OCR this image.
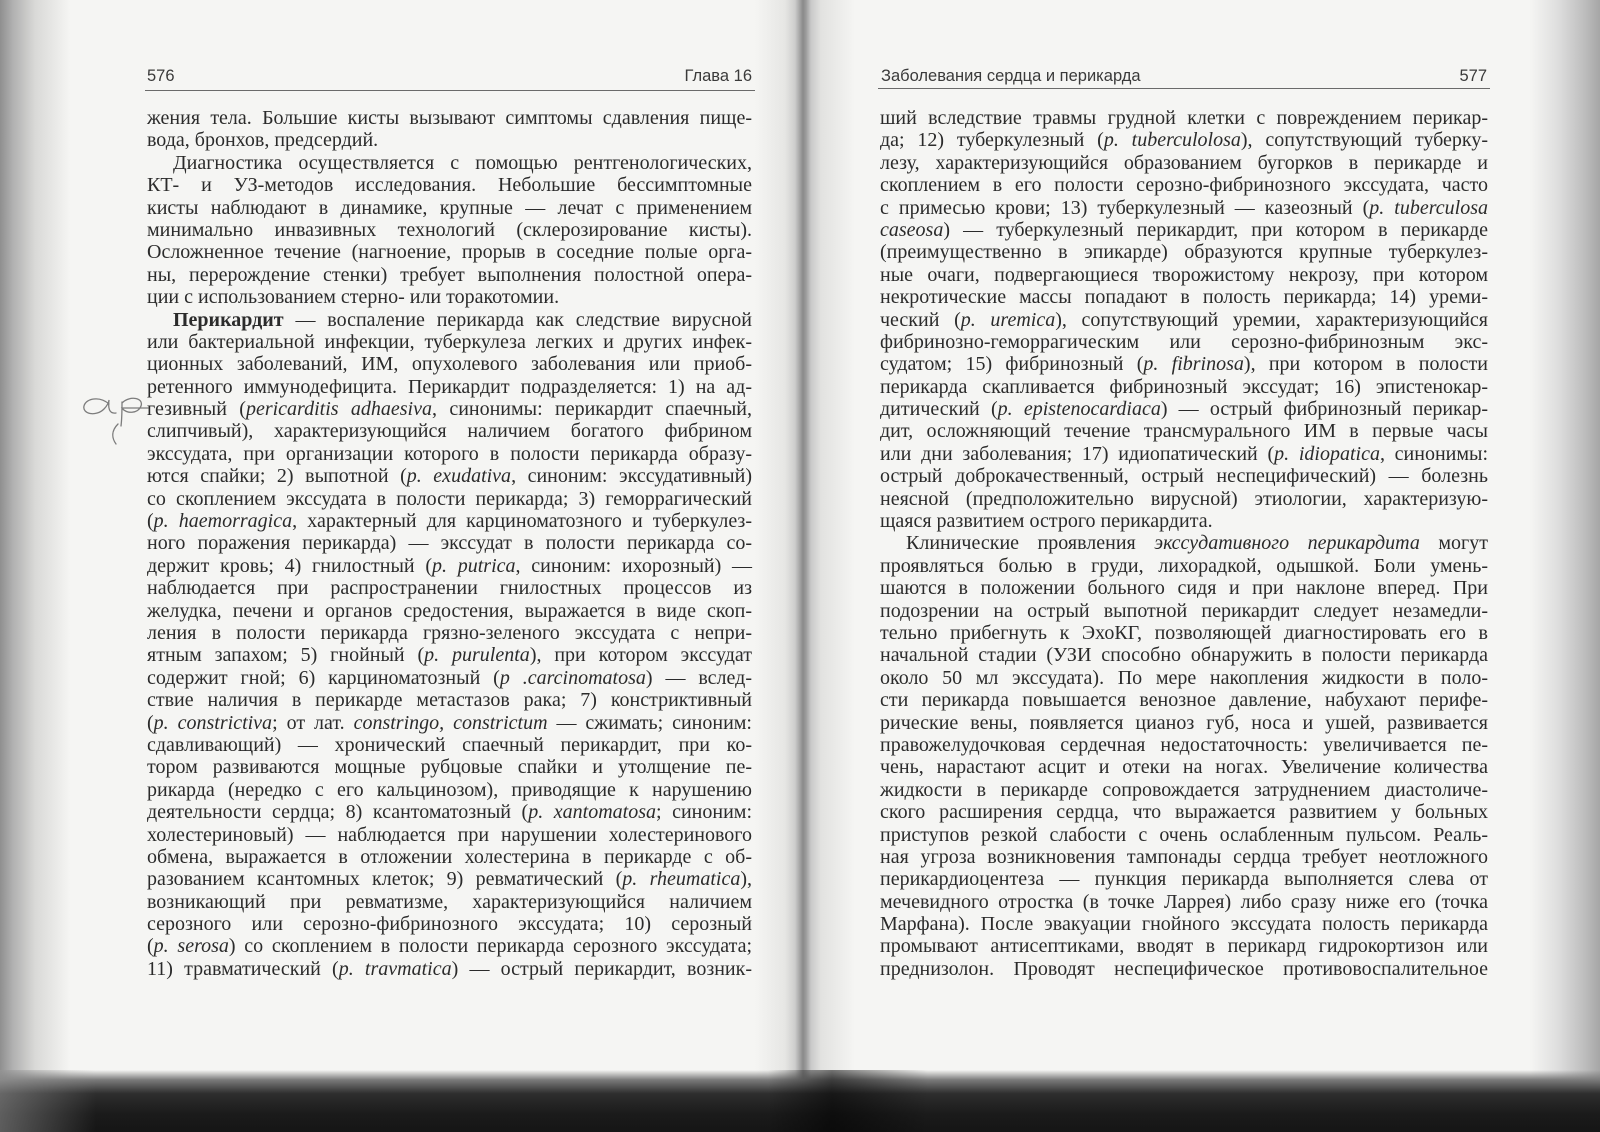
576	Глава 16
жения тела. Большие кисты вызывают симптомы сдавления пище-
вода, бронхов, предсердий.
Диагностика осуществляется с помощью рентгенологических,
КТ- и УЗ-методов исследования. Небольшие бессимптомные
кисты наблюдают в динамике, крупные — лечат с применением
минимально инвазивных технологий (склерозирование кисты).
Осложненное течение (нагноение, прорыв в соседние полые орга-
ны, перерождение стенки) требует выполнения полостной опера-
ции с использованием стерно- или торакотомии.
Перикардит — воспаление перикарда как следствие вирусной
или бактериальной инфекции, туберкулеза легких и других инфек-
ционных заболеваний, ИМ, опухолевого заболевания или приоб-
ретенного иммунодефицита. Перикардит подразделяется: 1) на ад-
гезивный (pericarditis adhaesiva, синонимы: перикардит спаечный,
слипчивый), характеризующийся наличием богатого фибрином
экссудата, при организации которого в полости перикарда образу-
ются спайки; 2) выпотной (p. exudativa, синоним: экссудативный)
со скоплением экссудата в полости перикарда; 3) геморрагический
(p. haemorragica, характерный для карциноматозного и туберкулез-
ного поражения перикарда) — экссудат в полости перикарда со-
держит кровь; 4) гнилостный (p. putrica, синоним: ихорозный) —
наблюдается при распространении гнилостных процессов из
желудка, печени и органов средостения, выражается в виде скоп-
ления в полости перикарда грязно-зеленого экссудата с непри-
ятным запахом; 5) гнойный (p. purulenta), при котором экссудат
содержит гной; 6) карциноматозный (p .carcinomatosa) — вслед-
ствие наличия в перикарде метастазов рака; 7) констриктивный
(p. constrictiva; от лат. constringo, constrictum — сжимать; синоним:
сдавливающий) — хронический спаечный перикардит, при ко-
тором развиваются мощные рубцовые спайки и утолщение пе-
рикарда (нередко с его кальцинозом), приводящие к нарушению
деятельности сердца; 8) ксантоматозный (p. xantomatosa; синоним:
холестериновый) — наблюдается при нарушении холестеринового
обмена, выражается в отложении холестерина в перикарде с об-
разованием ксантомных клеток; 9) ревматический (p. rheumatica),
возникающий при ревматизме, характеризующийся наличием
серозного или серозно-фибринозного экссудата; 10) серозный
(p. serosa) со скоплением в полости перикарда серозного экссудата;
11) травматический (p. travmatica) — острый перикардит, возник-
Заболевания сердца и перикарда	577
ший вследствие травмы грудной клетки с повреждением перикар-
да; 12) туберкулезный (p. tuberculolosa), сопутствующий туберку-
лезу, характеризующийся образованием бугорков в перикарде и
скоплением в его полости серозно-фибринозного экссудата, часто
с примесью крови; 13) туберкулезный — казеозный (p. tuberculosa
caseosa) — туберкулезный перикардит, при котором в перикарде
(преимущественно в эпикарде) образуются крупные туберкулез-
ные очаги, подвергающиеся творожистому некрозу, при котором
некротические массы попадают в полость перикарда; 14) уреми-
ческий (p. uremica), сопутствующий уремии, характеризующийся
фибринозно-геморрагическим или серозно-фибринозным экс-
судатом; 15) фибринозный (p. fibrinosa), при котором в полости
перикарда скапливается фибринозный экссудат; 16) эпистенокар-
дитический (p. epistenocardiaca) — острый фибринозный перикар-
дит, осложняющий течение трансмурального ИМ в первые часы
или дни заболевания; 17) идиопатический (p. idiopatica, синонимы:
острый доброкачественный, острый неспецифический) — болезнь
неясной (предположительно вирусной) этиологии, характеризую-
щаяся развитием острого перикардита.
Клинические проявления экссудативного перикардита могут
проявляться болью в груди, лихорадкой, одышкой. Боли умень-
шаются в положении больного сидя и при наклоне вперед. При
подозрении на острый выпотной перикардит следует незамедли-
тельно прибегнуть к ЭхоКГ, позволяющей диагностировать его в
начальной стадии (УЗИ способно обнаружить в полости перикарда
около 50 мл экссудата). По мере накопления жидкости в поло-
сти перикарда повышается венозное давление, набухают перифе-
рические вены, появляется цианоз губ, носа и ушей, развивается
правожелудочковая сердечная недостаточность: увеличивается пе-
чень, нарастают асцит и отеки на ногах. Увеличение количества
жидкости в перикарде сопровождается затруднением диастоличе-
ского расширения сердца, что выражается развитием у больных
приступов резкой слабости с очень ослабленным пульсом. Реаль-
ная угроза возникновения тампонады сердца требует неотложного
перикардиоцентеза — пункция перикарда выполняется слева от
мечевидного отростка (в точке Ларрея) либо сразу ниже его (точка
Марфана). После эвакуации гнойного экссудата полость перикарда
промывают антисептиками, вводят в перикард гидрокортизон или
преднизолон. Проводят неспецифическое противовоспалительное
